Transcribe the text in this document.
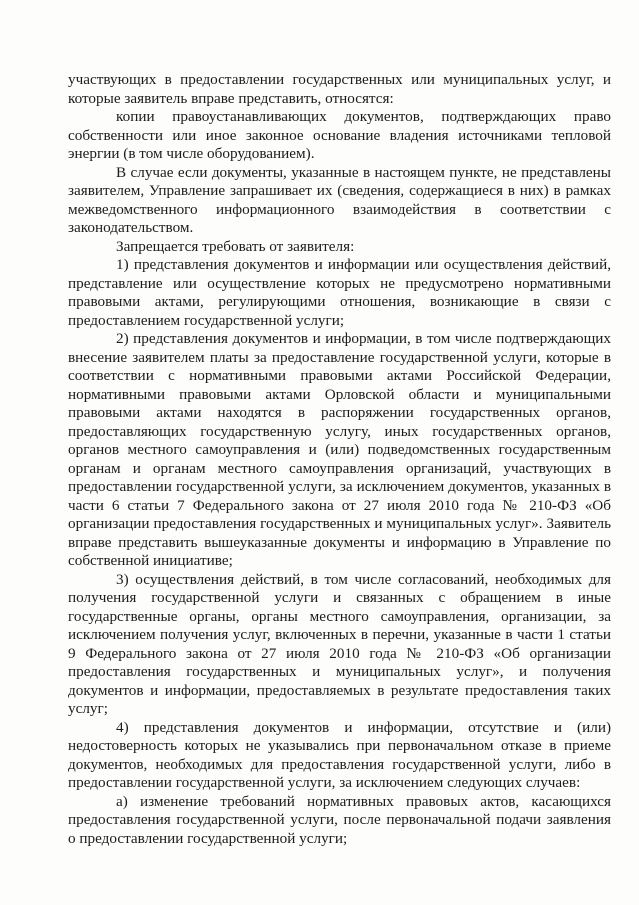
участвующих в предоставлении государственных или муниципальных услуг, и которые заявитель вправе представить, относятся:

копии правоустанавливающих документов, подтверждающих право собственности или иное законное основание владения источниками тепловой энергии (в том числе оборудованием).

В случае если документы, указанные в настоящем пункте, не представлены заявителем, Управление запрашивает их (сведения, содержащиеся в них) в рамках межведомственного информационного взаимодействия в соответствии с законодательством.

Запрещается требовать от заявителя:

1) представления документов и информации или осуществления действий, представление или осуществление которых не предусмотрено нормативными правовыми актами, регулирующими отношения, возникающие в связи с предоставлением государственной услуги;

2) представления документов и информации, в том числе подтверждающих внесение заявителем платы за предоставление государственной услуги, которые в соответствии с нормативными правовыми актами Российской Федерации, нормативными правовыми актами Орловской области и муниципальными правовыми актами находятся в распоряжении государственных органов, предоставляющих государственную услугу, иных государственных органов, органов местного самоуправления и (или) подведомственных государственным органам и органам местного самоуправления организаций, участвующих в предоставлении государственной услуги, за исключением документов, указанных в части 6 статьи 7 Федерального закона от 27 июля 2010 года № 210-ФЗ «Об организации предоставления государственных и муниципальных услуг». Заявитель вправе представить вышеуказанные документы и информацию в Управление по собственной инициативе;

3) осуществления действий, в том числе согласований, необходимых для получения государственной услуги и связанных с обращением в иные государственные органы, органы местного самоуправления, организации, за исключением получения услуг, включенных в перечни, указанные в части 1 статьи 9 Федерального закона от 27 июля 2010 года № 210-ФЗ «Об организации предоставления государственных и муниципальных услуг», и получения документов и информации, предоставляемых в результате предоставления таких услуг;

4) представления документов и информации, отсутствие и (или) недостоверность которых не указывались при первоначальном отказе в приеме документов, необходимых для предоставления государственной услуги, либо в предоставлении государственной услуги, за исключением следующих случаев:

а) изменение требований нормативных правовых актов, касающихся предоставления государственной услуги, после первоначальной подачи заявления о предоставлении государственной услуги;
